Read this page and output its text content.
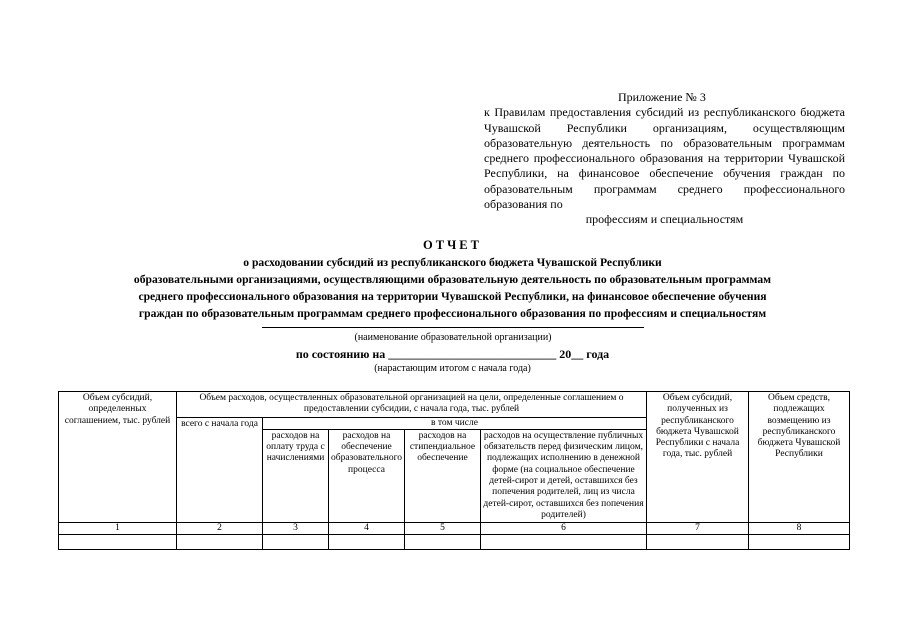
Приложение № 3
к Правилам предоставления субсидий из республиканского бюджета Чувашской Республики организациям, осуществляющим образовательную деятельность по образовательным программам среднего профессионального образования на территории Чувашской Республики, на финансовое обеспечение обучения граждан по образовательным программам среднего профессионального образования по
профессиям и специальностям
ОТЧЕТ
о расходовании субсидий из республиканского бюджета Чувашской Республики
образовательными организациями, осуществляющими образовательную деятельность по образовательным программам
среднего профессионального образования на территории Чувашской Республики, на финансовое обеспечение обучения
граждан по образовательным программам среднего профессионального образования по профессиям и специальностям
(наименование образовательной организации)
по состоянию на ____________________________ 20__ года
(нарастающим итогом с начала года)
Объем субсидий, определенных соглашением, тыс. рублей	Объем расходов, осуществленных образовательной организацией на цели, определенные соглашением о предоставлении субсидии, с начала года, тыс. рублей					Объем субсидий, полученных из республиканского бюджета Чувашской Республики с начала года, тыс. рублей	Объем средств, подлежащих возмещению из республиканского бюджета Чувашской Республики
	всего с начала года	в том числе					
		расходов на оплату труда с начислениями	расходов на обеспечение образовательного процесса	расходов на стипендиальное обеспечение	расходов на осуществление публичных обязательств перед физическим лицом, подлежащих исполнению в денежной форме (на социальное обеспечение детей-сирот и детей, оставшихся без попечения родителей, лиц из числа детей-сирот, оставшихся без попечения родителей)		
1	2	3	4	5	6	7	8
